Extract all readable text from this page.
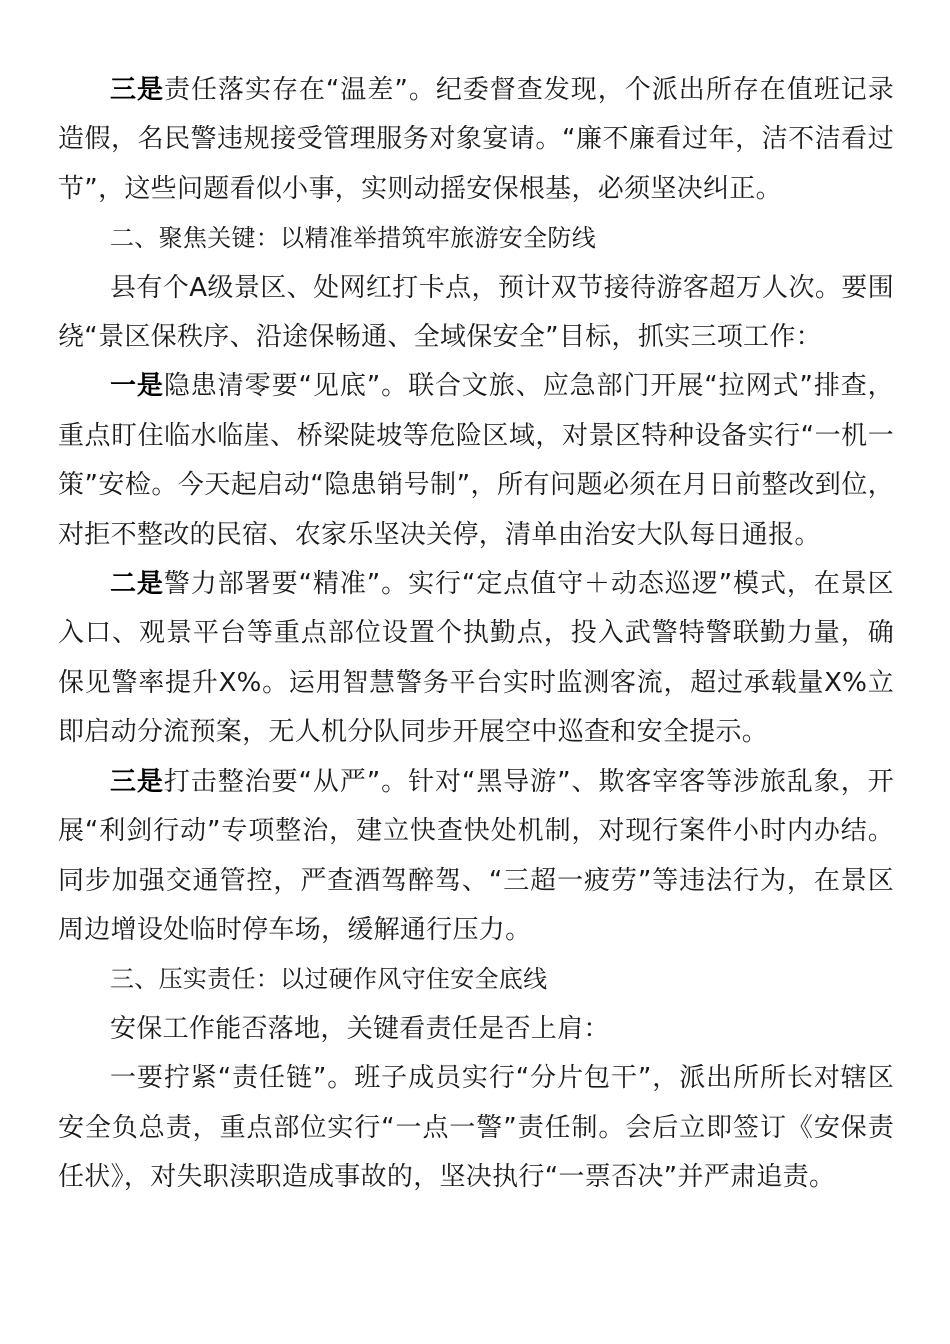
三是责任落实存在“温差”。纪委督查发现，个派出所存在值班记录造假，名民警违规接受管理服务对象宴请。“廉不廉看过年，洁不洁看过节”，这些问题看似小事，实则动摇安保根基，必须坚决纠正。

二、聚焦关键：以精准举措筑牢旅游安全防线

县有个A级景区、处网红打卡点，预计双节接待游客超万人次。要围绕“景区保秩序、沿途保畅通、全域保安全”目标，抓实三项工作：

一是隐患清零要“见底”。联合文旅、应急部门开展“拉网式”排查，重点盯住临水临崖、桥梁陡坡等危险区域，对景区特种设备实行“一机一策”安检。今天起启动“隐患销号制”，所有问题必须在月日前整改到位，对拒不整改的民宿、农家乐坚决关停，清单由治安大队每日通报。

二是警力部署要“精准”。实行“定点值守＋动态巡逻”模式，在景区入口、观景平台等重点部位设置个执勤点，投入武警特警联勤力量，确保见警率提升X%。运用智慧警务平台实时监测客流，超过承载量X%立即启动分流预案，无人机分队同步开展空中巡查和安全提示。

三是打击整治要“从严”。针对“黑导游”、欺客宰客等涉旅乱象，开展“利剑行动”专项整治，建立快查快处机制，对现行案件小时内办结。同步加强交通管控，严查酒驾醉驾、“三超一疲劳”等违法行为，在景区周边增设处临时停车场，缓解通行压力。

三、压实责任：以过硬作风守住安全底线

安保工作能否落地，关键看责任是否上肩：

一要拧紧“责任链”。班子成员实行“分片包干”，派出所所长对辖区安全负总责，重点部位实行“一点一警”责任制。会后立即签订《安保责任状》，对失职渎职造成事故的，坚决执行“一票否决”并严肃追责。
